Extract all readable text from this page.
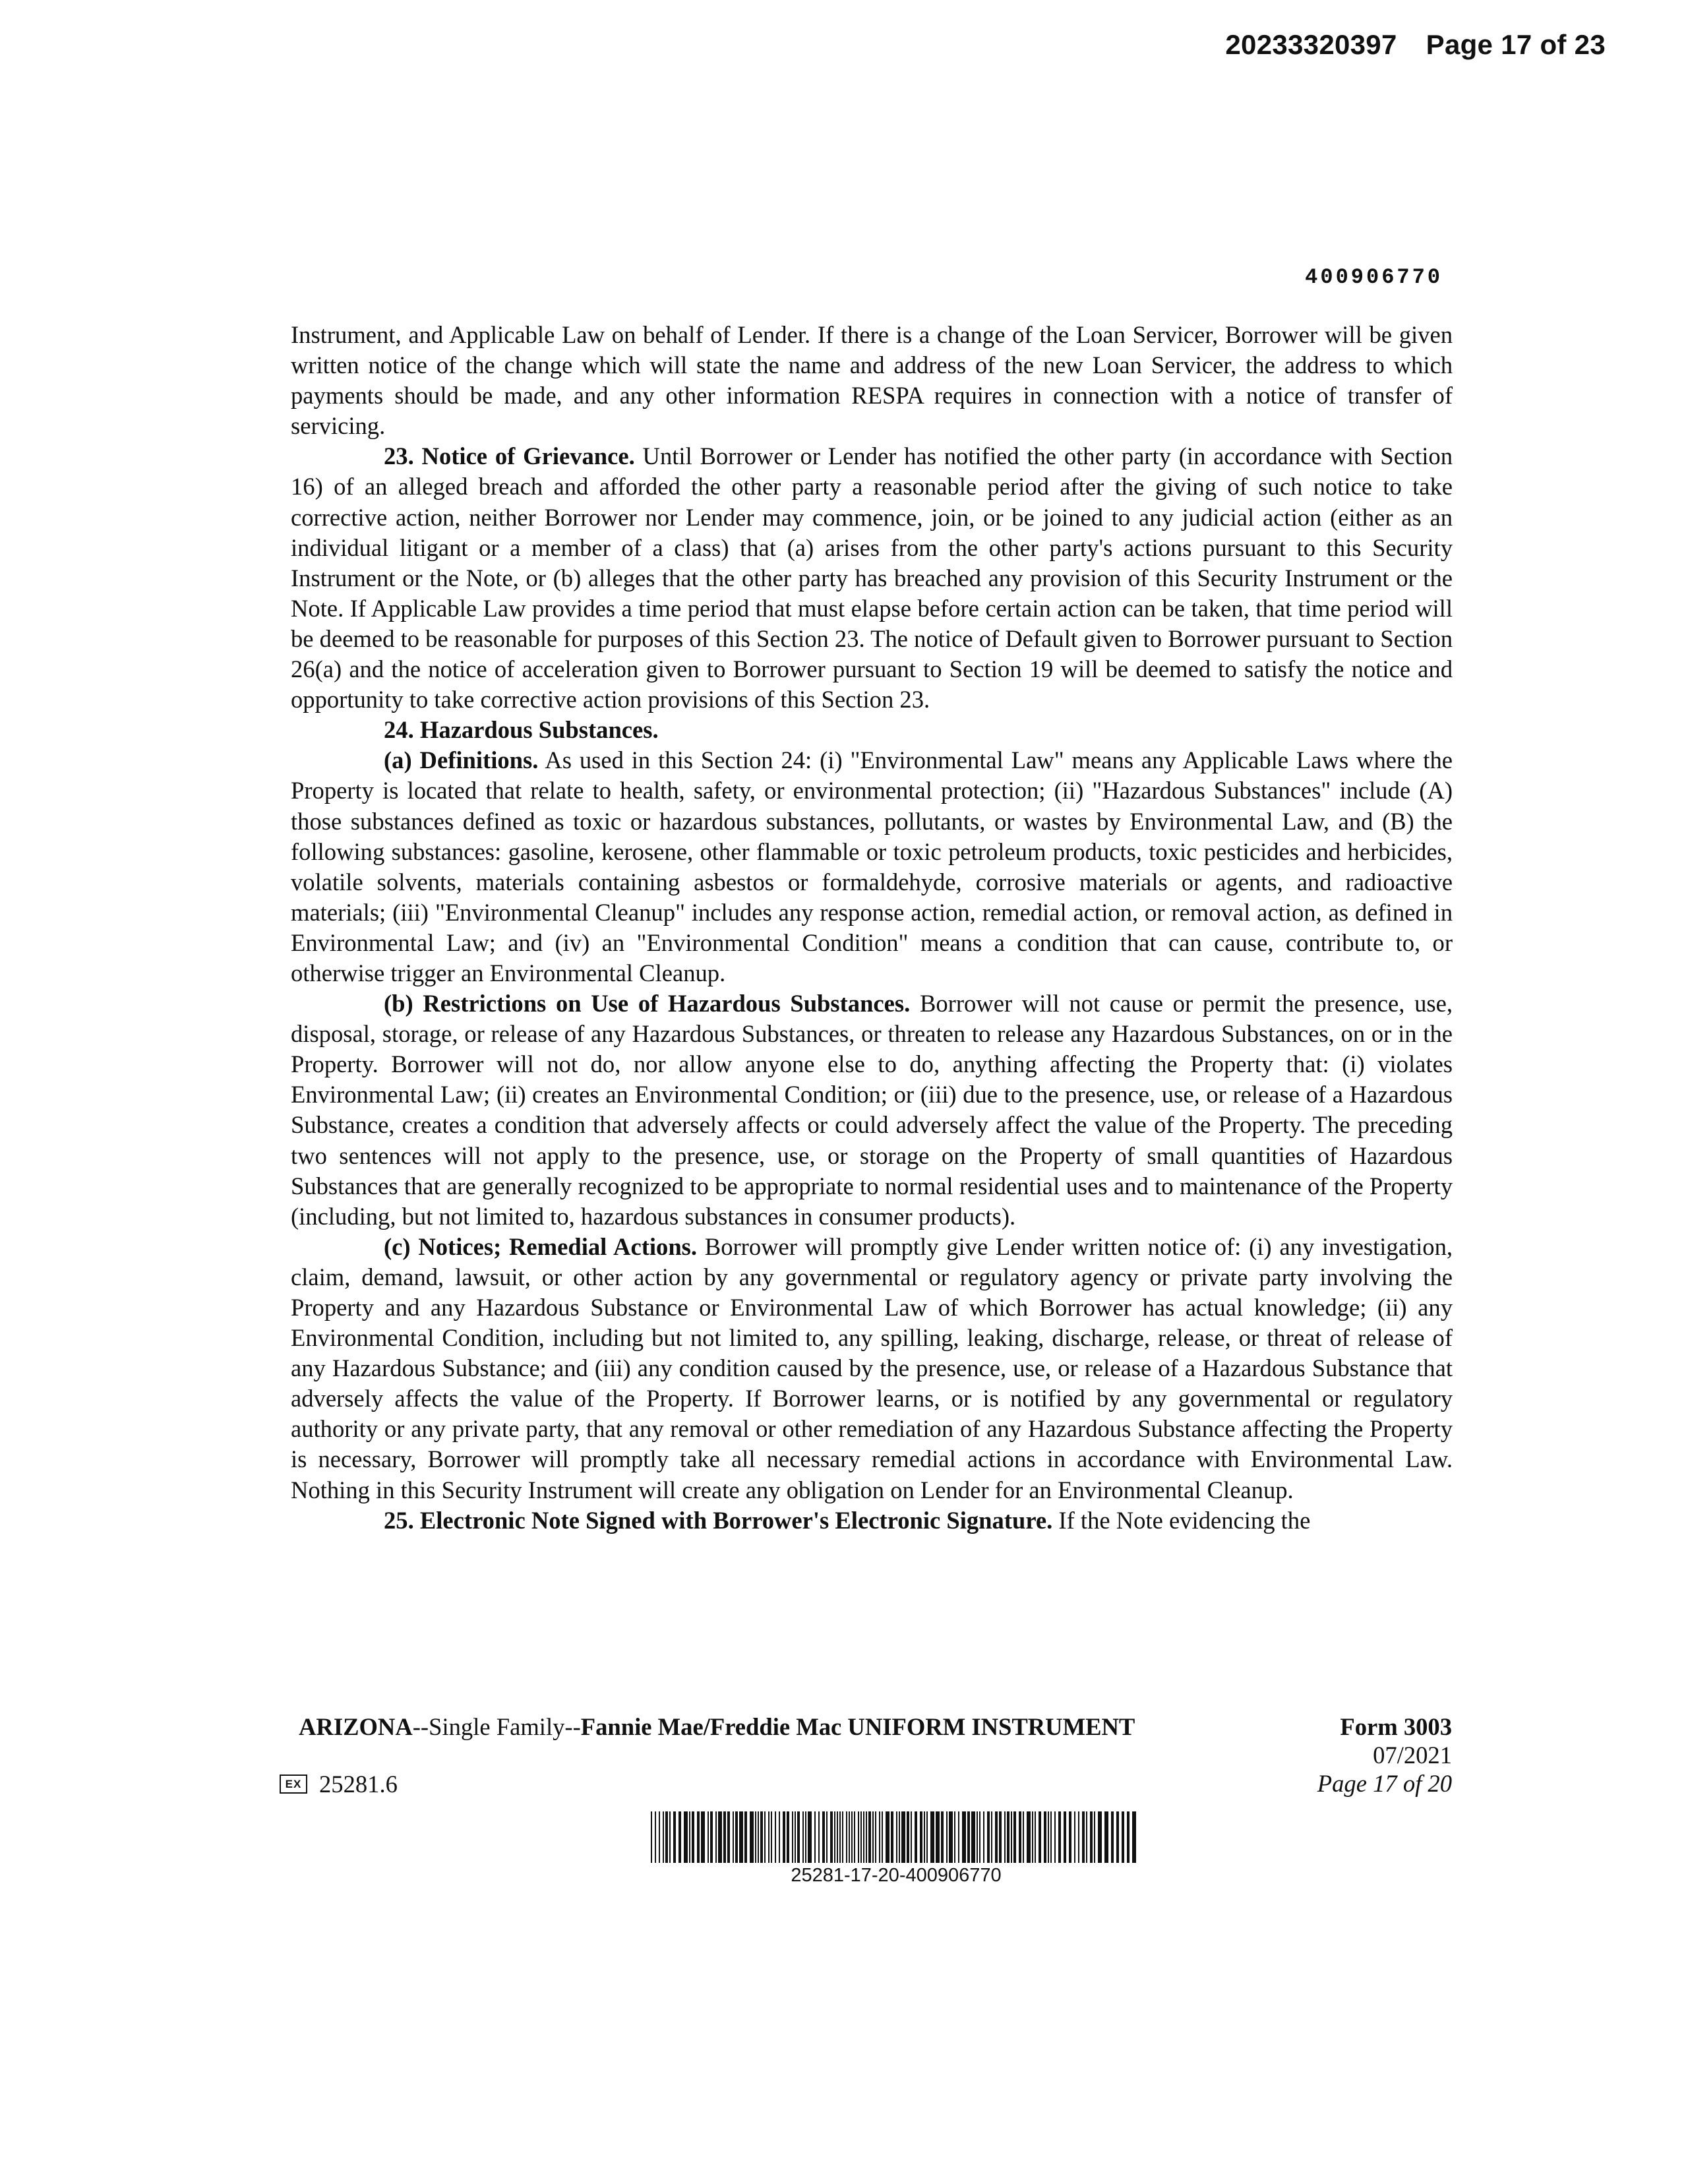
20233320397 Page 17 of 23
400906770

Instrument, and Applicable Law on behalf of Lender. If there is a change of the Loan Servicer, Borrower will be given written notice of the change which will state the name and address of the new Loan Servicer, the address to which payments should be made, and any other information RESPA requires in connection with a notice of transfer of servicing.

23. Notice of Grievance. Until Borrower or Lender has notified the other party (in accordance with Section 16) of an alleged breach and afforded the other party a reasonable period after the giving of such notice to take corrective action, neither Borrower nor Lender may commence, join, or be joined to any judicial action (either as an individual litigant or a member of a class) that (a) arises from the other party's actions pursuant to this Security Instrument or the Note, or (b) alleges that the other party has breached any provision of this Security Instrument or the Note. If Applicable Law provides a time period that must elapse before certain action can be taken, that time period will be deemed to be reasonable for purposes of this Section 23. The notice of Default given to Borrower pursuant to Section 26(a) and the notice of acceleration given to Borrower pursuant to Section 19 will be deemed to satisfy the notice and opportunity to take corrective action provisions of this Section 23.

24. Hazardous Substances.

(a) Definitions. As used in this Section 24: (i) "Environmental Law" means any Applicable Laws where the Property is located that relate to health, safety, or environmental protection; (ii) "Hazardous Substances" include (A) those substances defined as toxic or hazardous substances, pollutants, or wastes by Environmental Law, and (B) the following substances: gasoline, kerosene, other flammable or toxic petroleum products, toxic pesticides and herbicides, volatile solvents, materials containing asbestos or formaldehyde, corrosive materials or agents, and radioactive materials; (iii) "Environmental Cleanup" includes any response action, remedial action, or removal action, as defined in Environmental Law; and (iv) an "Environmental Condition" means a condition that can cause, contribute to, or otherwise trigger an Environmental Cleanup.

(b) Restrictions on Use of Hazardous Substances. Borrower will not cause or permit the presence, use, disposal, storage, or release of any Hazardous Substances, or threaten to release any Hazardous Substances, on or in the Property. Borrower will not do, nor allow anyone else to do, anything affecting the Property that: (i) violates Environmental Law; (ii) creates an Environmental Condition; or (iii) due to the presence, use, or release of a Hazardous Substance, creates a condition that adversely affects or could adversely affect the value of the Property. The preceding two sentences will not apply to the presence, use, or storage on the Property of small quantities of Hazardous Substances that are generally recognized to be appropriate to normal residential uses and to maintenance of the Property (including, but not limited to, hazardous substances in consumer products).

(c) Notices; Remedial Actions. Borrower will promptly give Lender written notice of: (i) any investigation, claim, demand, lawsuit, or other action by any governmental or regulatory agency or private party involving the Property and any Hazardous Substance or Environmental Law of which Borrower has actual knowledge; (ii) any Environmental Condition, including but not limited to, any spilling, leaking, discharge, release, or threat of release of any Hazardous Substance; and (iii) any condition caused by the presence, use, or release of a Hazardous Substance that adversely affects the value of the Property. If Borrower learns, or is notified by any governmental or regulatory authority or any private party, that any removal or other remediation of any Hazardous Substance affecting the Property is necessary, Borrower will promptly take all necessary remedial actions in accordance with Environmental Law. Nothing in this Security Instrument will create any obligation on Lender for an Environmental Cleanup.

25. Electronic Note Signed with Borrower's Electronic Signature. If the Note evidencing the

ARIZONA--Single Family--Fannie Mae/Freddie Mac UNIFORM INSTRUMENT	Form 3003
07/2021
Page 17 of 20
EX 25281.6
25281-17-20-400906770
